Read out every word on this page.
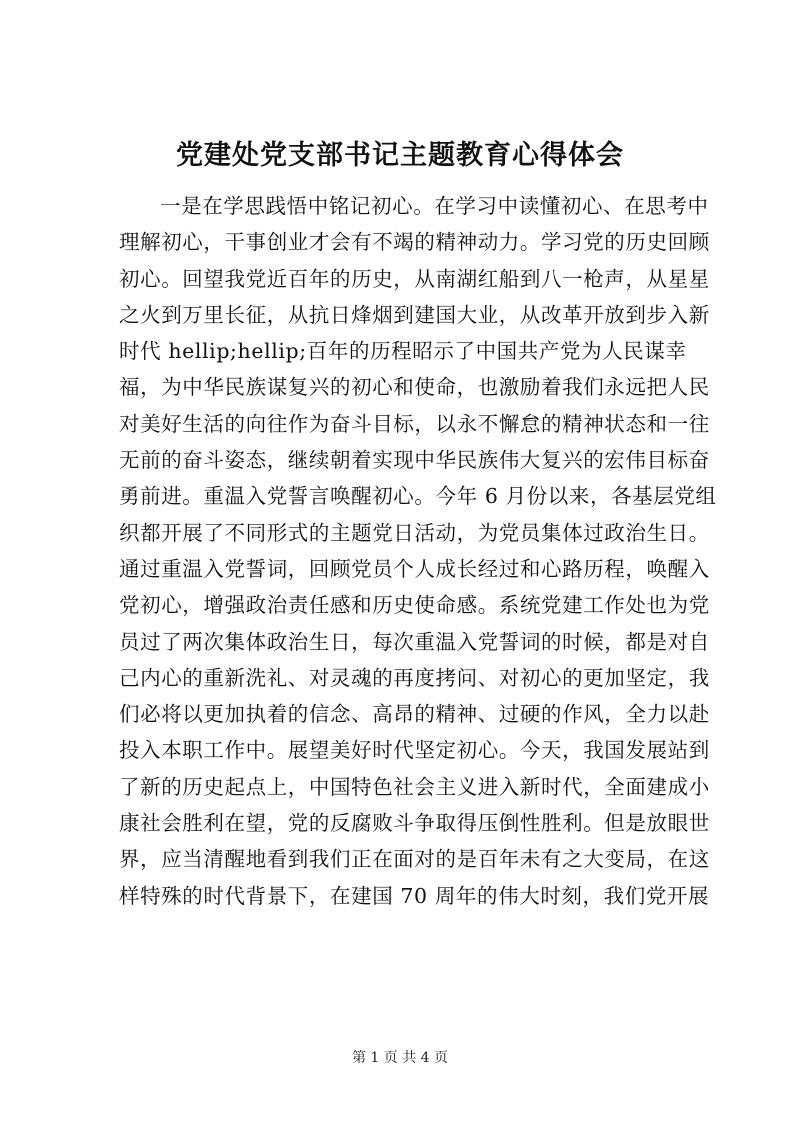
党建处党支部书记主题教育心得体会
一是在学思践悟中铭记初心。在学习中读懂初心、在思考中
理解初心，干事创业才会有不竭的精神动力。学习党的历史回顾
初心。回望我党近百年的历史，从南湖红船到八一枪声，从星星
之火到万里长征，从抗日烽烟到建国大业，从改革开放到步入新
时代 hellip;hellip;百年的历程昭示了中国共产党为人民谋幸
福，为中华民族谋复兴的初心和使命，也激励着我们永远把人民
对美好生活的向往作为奋斗目标，以永不懈怠的精神状态和一往
无前的奋斗姿态，继续朝着实现中华民族伟大复兴的宏伟目标奋
勇前进。重温入党誓言唤醒初心。今年 6 月份以来，各基层党组
织都开展了不同形式的主题党日活动，为党员集体过政治生日。
通过重温入党誓词，回顾党员个人成长经过和心路历程，唤醒入
党初心，增强政治责任感和历史使命感。系统党建工作处也为党
员过了两次集体政治生日，每次重温入党誓词的时候，都是对自
己内心的重新洗礼、对灵魂的再度拷问、对初心的更加坚定，我
们必将以更加执着的信念、高昂的精神、过硬的作风，全力以赴
投入本职工作中。展望美好时代坚定初心。今天，我国发展站到
了新的历史起点上，中国特色社会主义进入新时代，全面建成小
康社会胜利在望，党的反腐败斗争取得压倒性胜利。但是放眼世
界，应当清醒地看到我们正在面对的是百年未有之大变局，在这
样特殊的时代背景下，在建国 70 周年的伟大时刻，我们党开展
第 1 页 共 4 页
